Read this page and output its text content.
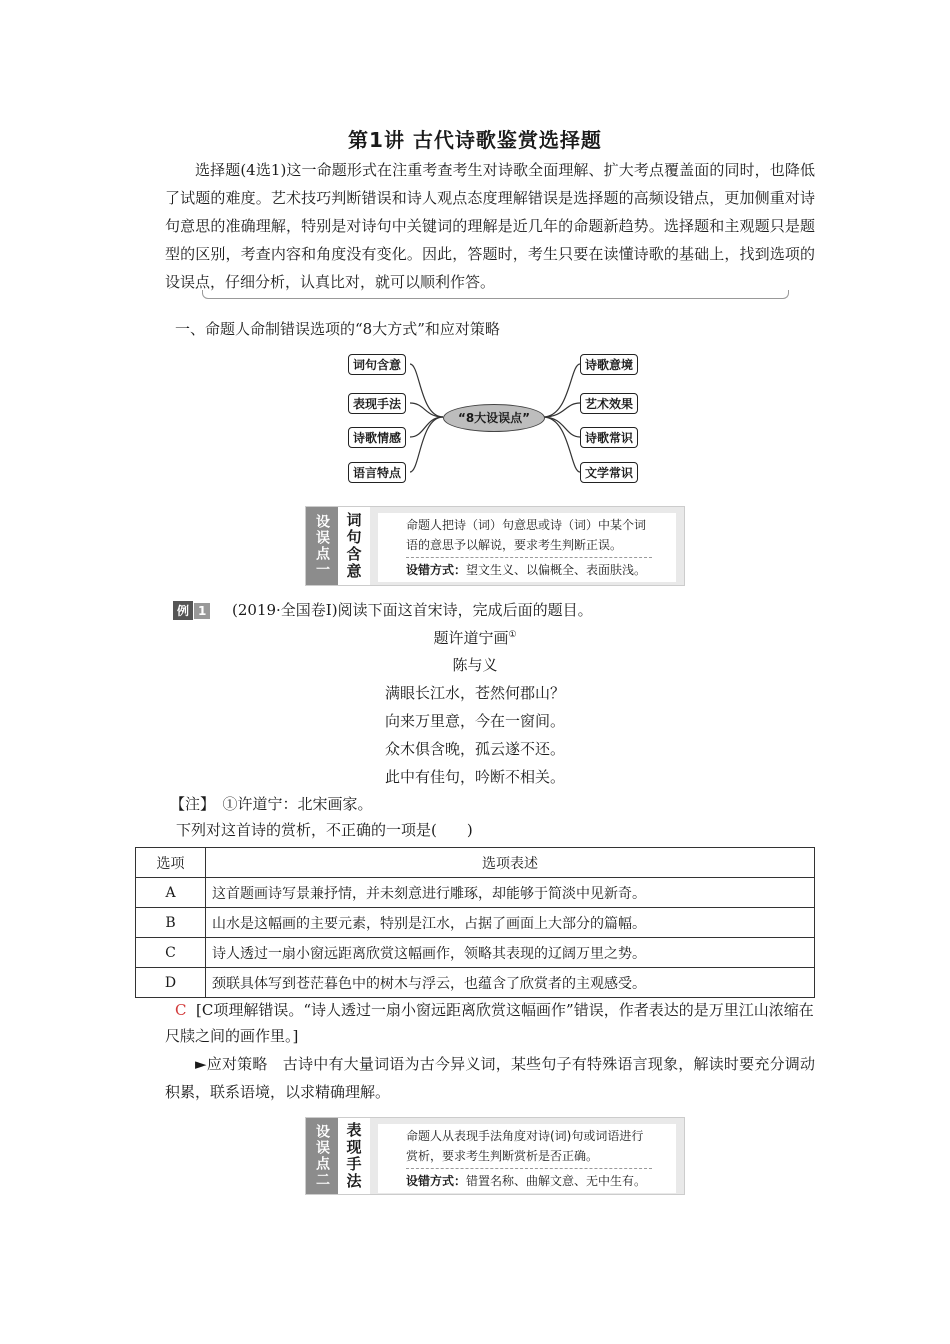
第1讲 古代诗歌鉴赏选择题

选择题(4选1)这一命题形式在注重考查考生对诗歌全面理解、扩大考点覆盖面的同时，也降低了试题的难度。艺术技巧判断错误和诗人观点态度理解错误是选择题的高频设错点，更加侧重对诗句意思的准确理解，特别是对诗句中关键词的理解是近几年的命题新趋势。选择题和主观题只是题型的区别，考查内容和角度没有变化。因此，答题时，考生只要在读懂诗歌的基础上，找到选项的设误点，仔细分析，认真比对，就可以顺利作答。

一、命题人命制错误选项的“8大方式”和应对策略
词句含意
表现手法
诗歌情感
语言特点
“8大设误点”
诗歌意境
艺术效果
诗歌常识
文学常识
设误点一 词句含意	命题人把诗（词）句意思或诗（词）中某个词语的意思予以解说，要求考生判断正误。
设错方式：望文生义、以偏概全、表面肤浅。
例 1 (2019·全国卷Ⅰ)阅读下面这首宋诗，完成后面的题目。
题许道宁画①
陈与义
满眼长江水，苍然何郡山？
向来万里意，今在一窗间。
众木俱含晚，孤云遂不还。
此中有佳句，吟断不相关。
【注】　①许道宁：北宋画家。
下列对这首诗的赏析，不正确的一项是(　　)
选项	选项表述
A	这首题画诗写景兼抒情，并未刻意进行雕琢，却能够于简淡中见新奇。
B	山水是这幅画的主要元素，特别是江水，占据了画面上大部分的篇幅。
C	诗人透过一扇小窗远距离欣赏这幅画作，领略其表现的辽阔万里之势。
D	颈联具体写到苍茫暮色中的树木与浮云，也蕴含了欣赏者的主观感受。
C [C项理解错误。“诗人透过一扇小窗远距离欣赏这幅画作”错误，作者表达的是万里江山浓缩在尺牍之间的画作里。]
►应对策略　古诗中有大量词语为古今异义词，某些句子有特殊语言现象，解读时要充分调动积累，联系语境，以求精确理解。
设误点二 表现手法	命题人从表现手法角度对诗(词)句或词语进行赏析，要求考生判断赏析是否正确。
设错方式：错置名称、曲解文意、无中生有。
